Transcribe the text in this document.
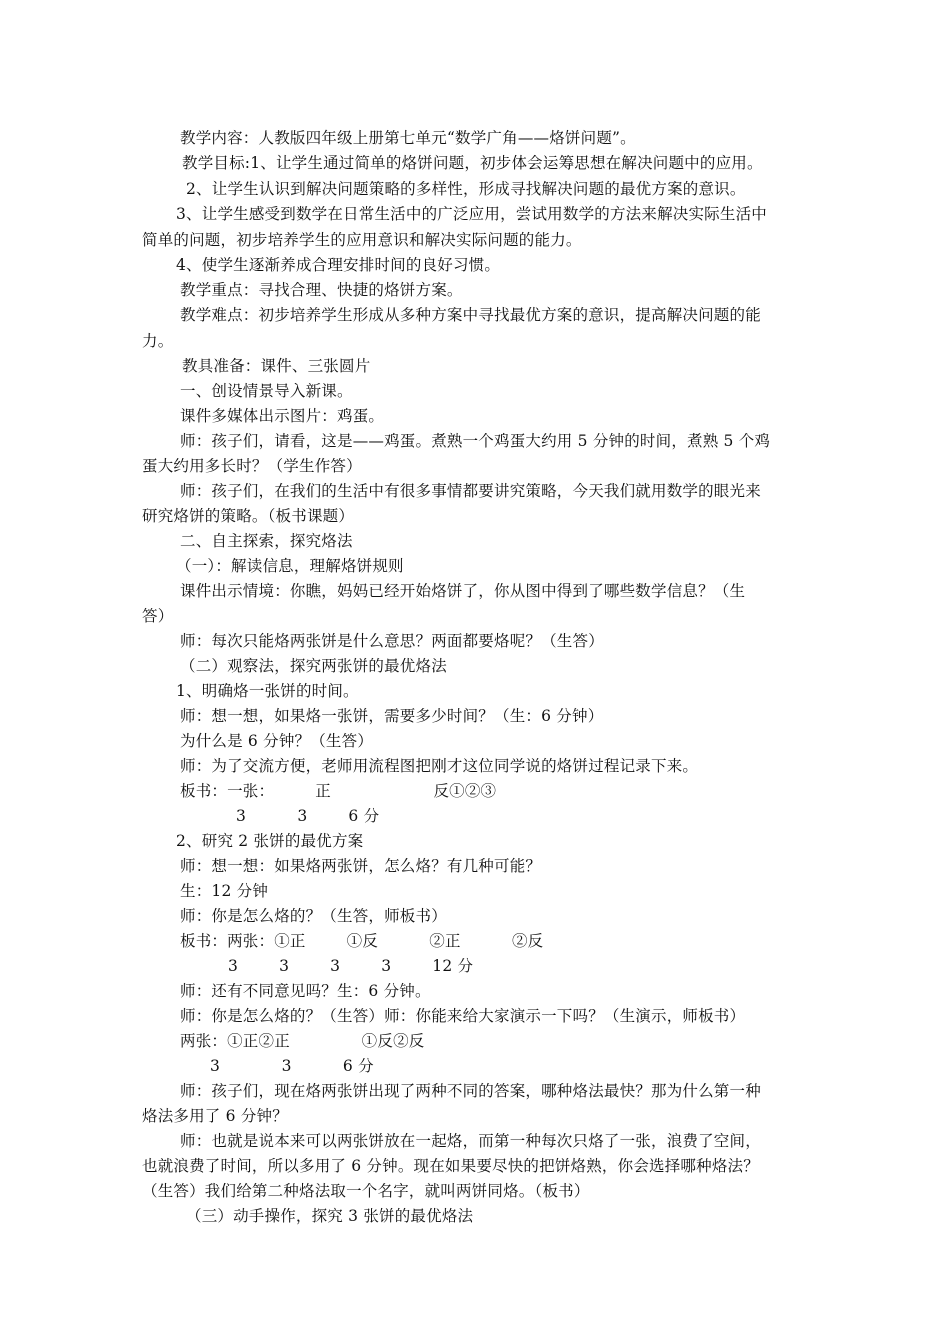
教学内容：人教版四年级上册第七单元“数学广角——烙饼问题”。

教学目标:1、让学生通过简单的烙饼问题，初步体会运筹思想在解决问题中的应用。

2、让学生认识到解决问题策略的多样性，形成寻找解决问题的最优方案的意识。

3、让学生感受到数学在日常生活中的广泛应用，尝试用数学的方法来解决实际生活中

简单的问题，初步培养学生的应用意识和解决实际问题的能力。

4、使学生逐渐养成合理安排时间的良好习惯。

教学重点：寻找合理、快捷的烙饼方案。

教学难点：初步培养学生形成从多种方案中寻找最优方案的意识，提高解决问题的能

力。

教具准备：课件、三张圆片

一、创设情景导入新课。

课件多媒体出示图片：鸡蛋。

师：孩子们，请看，这是——鸡蛋。煮熟一个鸡蛋大约用 5 分钟的时间，煮熟 5 个鸡

蛋大约用多长时？（学生作答）

师：孩子们，在我们的生活中有很多事情都要讲究策略，今天我们就用数学的眼光来

研究烙饼的策略。（板书课题）

二、自主探索，探究烙法

（一）：解读信息，理解烙饼规则

课件出示情境：你瞧，妈妈已经开始烙饼了，你从图中得到了哪些数学信息？（生

答）

师：每次只能烙两张饼是什么意思？两面都要烙呢？（生答）

（二）观察法，探究两张饼的最优烙法

1、明确烙一张饼的时间。

师：想一想，如果烙一张饼，需要多少时间？（生：6 分钟）

为什么是 6 分钟？（生答）

师：为了交流方便，老师用流程图把刚才这位同学说的烙饼过程记录下来。

板书：一张：        正                    反①②③

3          3        6 分

2、研究 2 张饼的最优方案

师：想一想：如果烙两张饼，怎么烙？有几种可能？

生：12 分钟

师：你是怎么烙的？（生答，师板书）

板书：两张：①正        ①反          ②正          ②反

3        3        3        3        12 分

师：还有不同意见吗？生：6 分钟。

师：你是怎么烙的？（生答）师：你能来给大家演示一下吗？（生演示，师板书）

两张：①正②正              ①反②反

3            3          6 分

师：孩子们，现在烙两张饼出现了两种不同的答案，哪种烙法最快？那为什么第一种

烙法多用了 6 分钟？

师：也就是说本来可以两张饼放在一起烙，而第一种每次只烙了一张，浪费了空间，

也就浪费了时间，所以多用了 6 分钟。现在如果要尽快的把饼烙熟，你会选择哪种烙法？

（生答）我们给第二种烙法取一个名字，就叫两饼同烙。（板书）

（三）动手操作，探究 3 张饼的最优烙法
